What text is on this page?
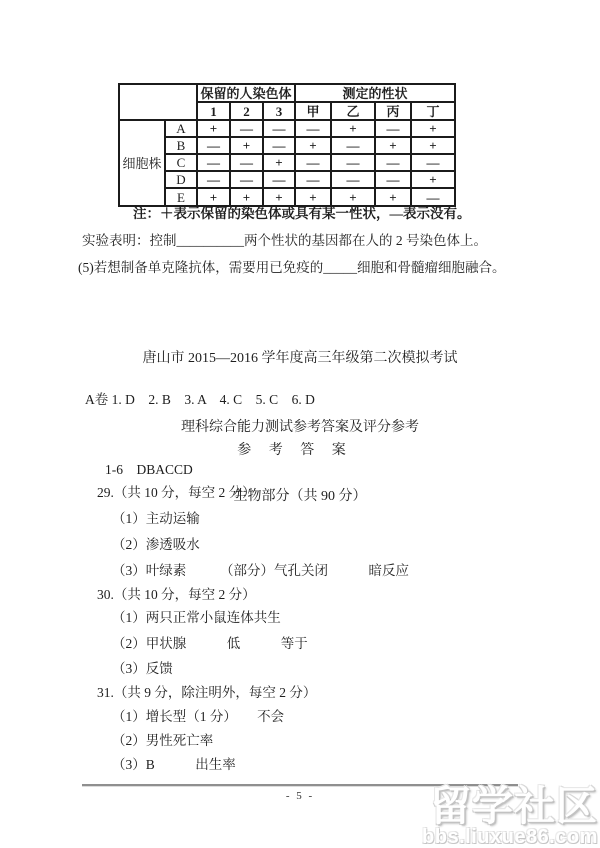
		保留的人染色体			测定的性状			
		1	2	3	甲	乙	丙	丁
细胞株	A	+	—	—	—	+	—	+
	B	—	+	—	+	—	+	+
	C	—	—	+	—	—	—	—
	D	—	—	—	—	—	—	+
	E	+	+	+	+	+	+	—
注：＋表示保留的染色体或具有某一性状，—表示没有。
实验表明：控制__________两个性状的基因都在人的 2 号染色体上。
(5)若想制备单克隆抗体，需要用已免疫的_____细胞和骨髓瘤细胞融合。

唐山市 2015—2016 学年度高三年级第二次模拟考试

理科综合能力测试参考答案及评分参考

生物部分（共 90 分）

A卷 1. D    2. B    3. A    4. C    5. C    6. D
参 考 答 案
1-6　DBACCD
29.（共 10 分，每空 2 分）
（1）主动运输
（2）渗透吸水
（3）叶绿素　　　（部分）气孔关闭　　　暗反应
30.（共 10 分，每空 2 分）
（1）两只正常小鼠连体共生
（2）甲状腺　　　低　　　等于
（3）反馈
31.（共 9 分，除注明外，每空 2 分）
（1）增长型（1 分）　　不会
（2）男性死亡率
（3）B　　　出生率
- 5 -	留学社区
bbs.liuxue86.com
